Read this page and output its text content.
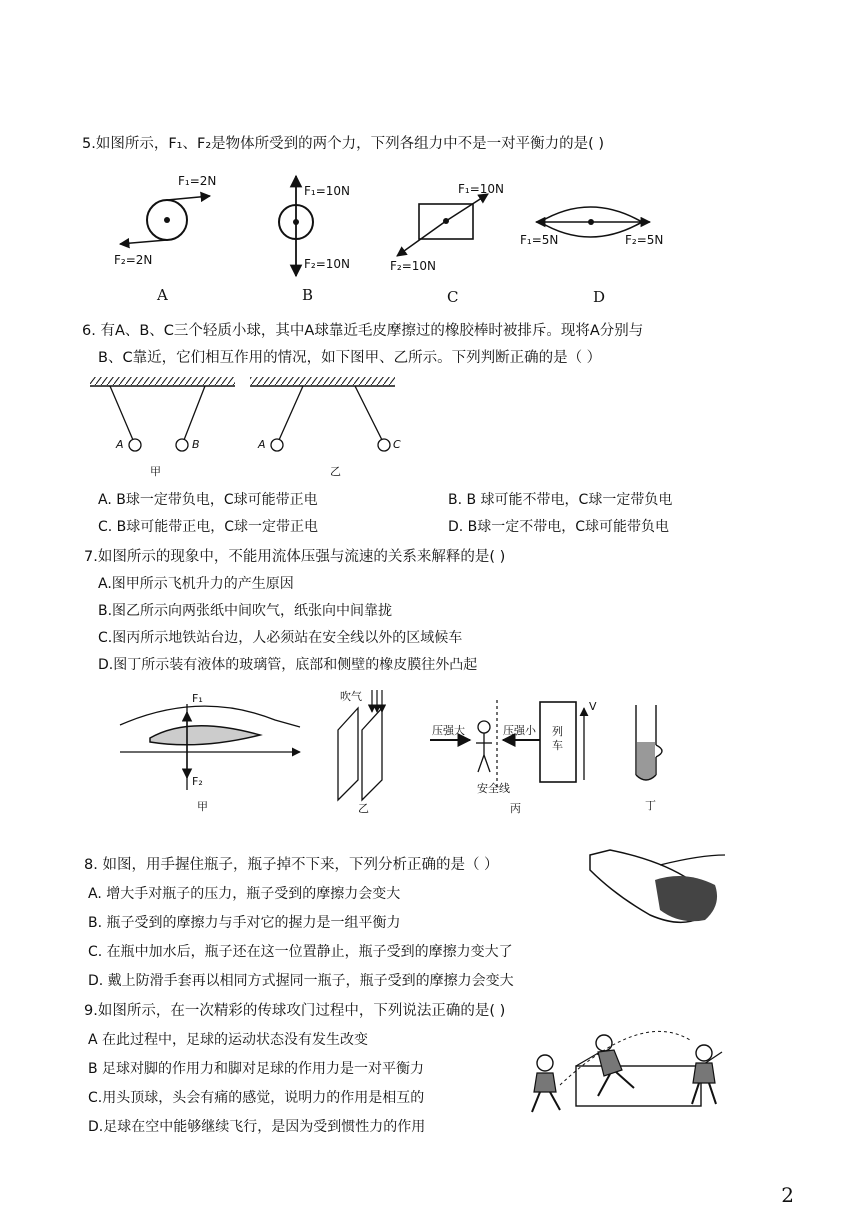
5.如图所示，F₁、F₂是物体所受到的两个力，下列各组力中不是一对平衡力的是( )
F₁=2N
F₂=2N
A
F₁=10N
F₂=10N
B
F₁=10N
F₂=10N
C
F₁=5N	F₂=5N
D
6. 有A、B、C三个轻质小球，其中A球靠近毛皮摩擦过的橡胶棒时被排斥。现将A分别与
B、C靠近，它们相互作用的情况，如下图甲、乙所示。下列判断正确的是（ ）
A	B	A	C
甲	乙
A. B球一定带负电，C球可能带正电	B. B 球可能不带电，C球一定带负电
C. B球可能带正电，C球一定带正电	D. B球一定不带电，C球可能带负电
7.如图所示的现象中，不能用流体压强与流速的关系来解释的是( )
A.图甲所示飞机升力的产生原因
B.图乙所示向两张纸中间吹气，纸张向中间靠拢
C.图丙所示地铁站台边，人必须站在安全线以外的区域候车
D.图丁所示装有液体的玻璃管，底部和侧壁的橡皮膜往外凸起
F₁
F₂
吹气
压强大	压强小
安全线
列车
V
甲	乙	丙	丁
8. 如图，用手握住瓶子，瓶子掉不下来，下列分析正确的是（ ）
A. 增大手对瓶子的压力，瓶子受到的摩擦力会变大
B. 瓶子受到的摩擦力与手对它的握力是一组平衡力
C. 在瓶中加水后，瓶子还在这一位置静止，瓶子受到的摩擦力变大了
D. 戴上防滑手套再以相同方式握同一瓶子，瓶子受到的摩擦力会变大
9.如图所示，在一次精彩的传球攻门过程中，下列说法正确的是( )
A 在此过程中，足球的运动状态没有发生改变
B 足球对脚的作用力和脚对足球的作用力是一对平衡力
C.用头顶球，头会有痛的感觉，说明力的作用是相互的
D.足球在空中能够继续飞行，是因为受到惯性力的作用
2
